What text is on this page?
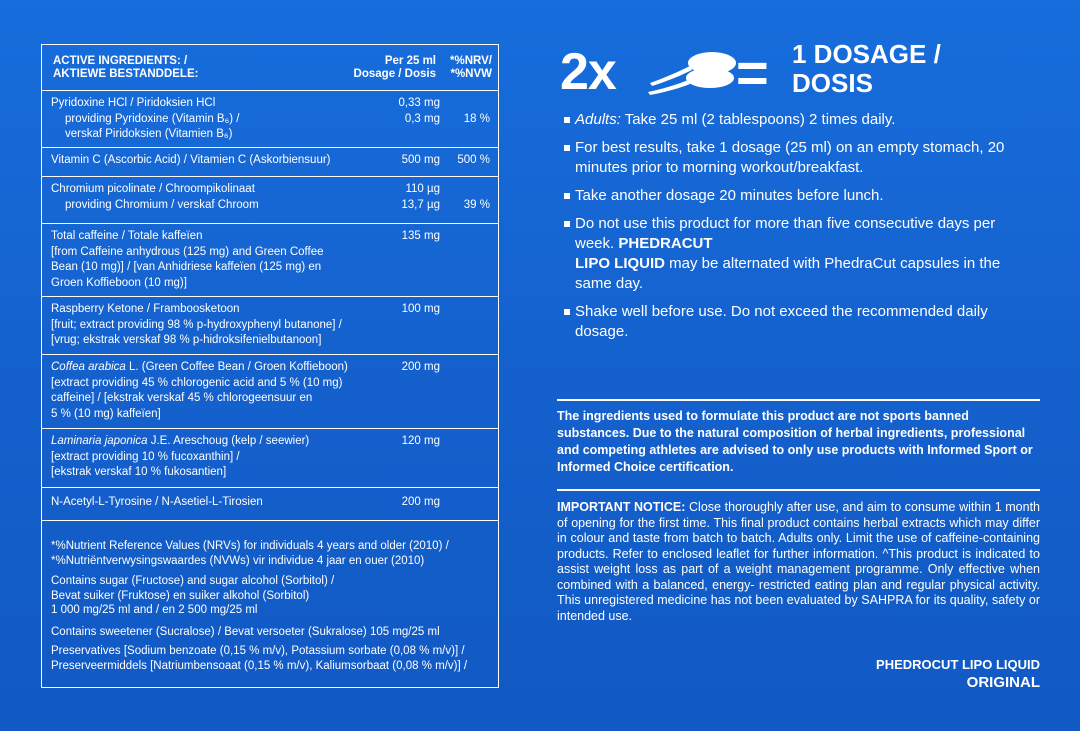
ACTIVE INGREDIENTS: /
AKTIEWE BESTANDDELE:
Per 25 ml
Dosage / Dosis
*%NRV/
*%NVW
Pyridoxine HCl / Piridoksien HCl
providing Pyridoxine (Vitamin B₆) /
verskaf Piridoksien (Vitamien B₆)
0,33 mg
0,3 mg
18 %
Vitamin C (Ascorbic Acid) / Vitamien C (Askorbiensuur)	500 mg 500 %
Chromium picolinate / Chroompikolinaat
providing Chromium / verskaf Chroom
110 µg
13,7 µg
39 %
Total caffeine / Totale kaffeïen
[from Caffeine anhydrous (125 mg) and Green Coffee
Bean (10 mg)] / [van Anhidriese kaffeïen (125 mg) en
Groen Koffieboon (10 mg)]
135 mg
Raspberry Ketone / Framboosketoon
[fruit; extract providing 98 % p-hydroxyphenyl butanone] /
[vrug; ekstrak verskaf 98 % p-hidroksifenielbutanoon]
100 mg
Coffea arabica L. (Green Coffee Bean / Groen Koffieboon)
[extract providing 45 % chlorogenic acid and 5 % (10 mg)
caffeine] / [ekstrak verskaf 45 % chlorogeensuur en
5 % (10 mg) kaffeïen]
200 mg
Laminaria japonica J.E. Areschoug (kelp / seewier)
[extract providing 10 % fucoxanthin] /
[ekstrak verskaf 10 % fukosantien]
120 mg
N-Acetyl-L-Tyrosine / N-Asetiel-L-Tirosien	200 mg
*%Nutrient Reference Values (NRVs) for individuals 4 years and older (2010) /
*%Nutriëntverwysingswaardes (NVWs) vir individue 4 jaar en ouer (2010)
Contains sugar (Fructose) and sugar alcohol (Sorbitol) /
Bevat suiker (Fruktose) en suiker alkohol (Sorbitol)
1 000 mg/25 ml and / en 2 500 mg/25 ml
Contains sweetener (Sucralose) / Bevat versoeter (Sukralose) 105 mg/25 ml
Preservatives [Sodium benzoate (0,15 % m/v), Potassium sorbate (0,08 % m/v)] /
Preserveermiddels [Natriumbensoaat (0,15 % m/v), Kaliumsorbaat (0,08 % m/v)] /
2x = 1 DOSAGE /
DOSIS
Adults: Take 25 ml (2 tablespoons) 2 times daily.
For best results, take 1 dosage (25 ml) on an empty stomach, 20 minutes prior to morning workout/breakfast.
Take another dosage 20 minutes before lunch.
Do not use this product for more than five consecutive days per week. PHEDRACUT
LIPO LIQUID may be alternated with PhedraCut capsules in the same day.
Shake well before use. Do not exceed the recommended daily dosage.
The ingredients used to formulate this product are not sports banned substances. Due to the natural composition of herbal ingredients, professional and competing athletes are advised to only use products with Informed Sport or Informed Choice certification.
IMPORTANT NOTICE: Close thoroughly after use, and aim to consume within 1 month of opening for the first time. This final product contains herbal extracts which may differ in colour and taste from batch to batch. Adults only. Limit the use of caffeine-containing products. Refer to enclosed leaflet for further information. ^This product is indicated to assist weight loss as part of a weight management programme. Only effective when combined with a balanced, energy- restricted eating plan and regular physical activity. This unregistered medicine has not been evaluated by SAHPRA for its quality, safety or intended use.
PHEDROCUT LIPO LIQUID
ORIGINAL
